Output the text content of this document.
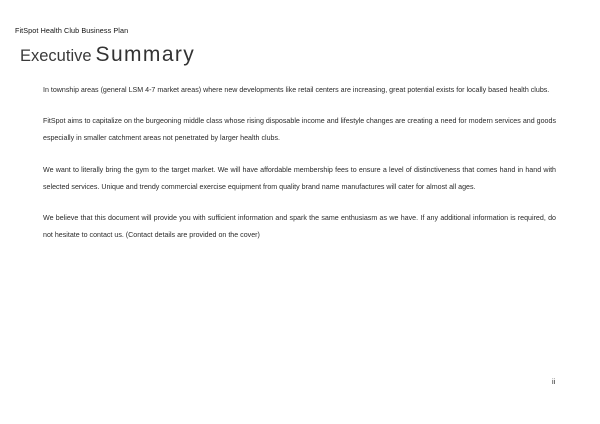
FitSpot Health Club Business Plan
Executive Summary

In township areas (general LSM 4-7 market areas) where new developments like retail centers are increasing, great potential exists for locally based health clubs.

FitSpot aims to capitalize on the burgeoning middle class whose rising disposable income and lifestyle changes are creating a need for modern services and goods especially in smaller catchment areas not penetrated by larger health clubs.

We want to literally bring the gym to the target market. We will have affordable membership fees to ensure a level of distinctiveness that comes hand in hand with selected services. Unique and trendy commercial exercise equipment from quality brand name manufactures will cater for almost all ages.

We believe that this document will provide you with sufficient information and spark the same enthusiasm as we have. If any additional information is required, do not hesitate to contact us. (Contact details are provided on the cover)

ii
